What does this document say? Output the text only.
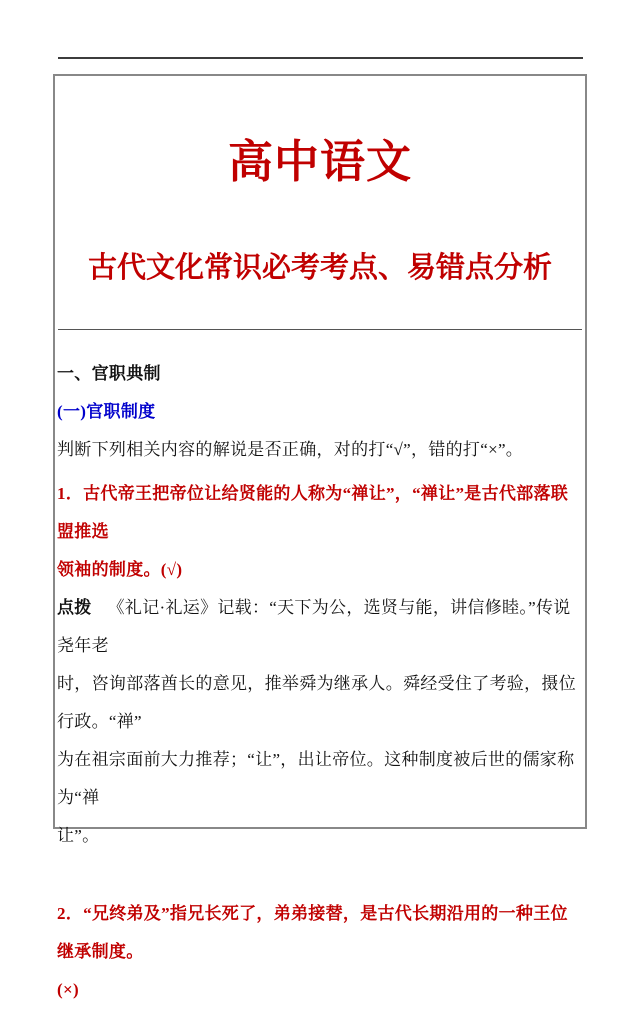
高中语文
古代文化常识必考考点、易错点分析
一、官职典制
(一)官职制度
判断下列相关内容的解说是否正确，对的打“√”，错的打“×”。
1．古代帝王把帝位让给贤能的人称为“禅让”，“禅让”是古代部落联盟推选
领袖的制度。(√)
点拨 《礼记·礼运》记载：“天下为公，选贤与能，讲信修睦。”传说尧年老
时，咨询部落酋长的意见，推举舜为继承人。舜经受住了考验，摄位行政。“禅”
为在祖宗面前大力推荐；“让”，出让帝位。这种制度被后世的儒家称为“禅
让”。
2．“兄终弟及”指兄长死了，弟弟接替，是古代长期沿用的一种王位继承制度。
(×)
